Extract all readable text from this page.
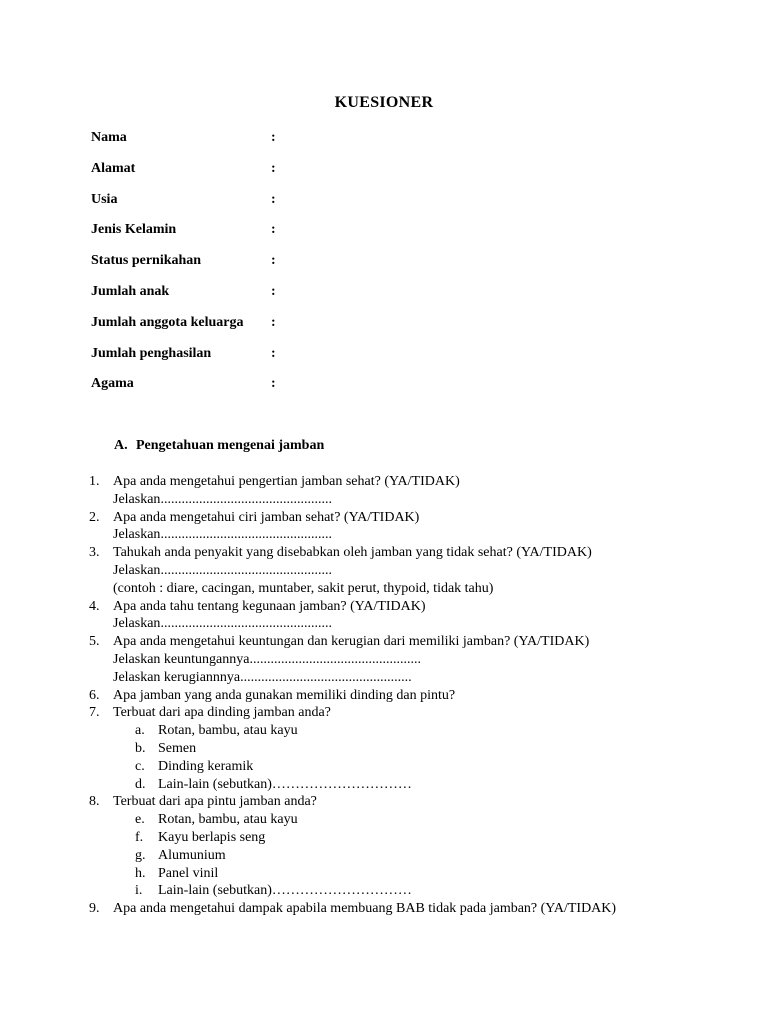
KUESIONER
Nama	:
Alamat	:
Usia	:
Jenis Kelamin	:
Status pernikahan	:
Jumlah anak	:
Jumlah anggota keluarga	:
Jumlah penghasilan	:
Agama	:
A. Pengetahuan mengenai jamban
1. Apa anda mengetahui pengertian jamban sehat? (YA/TIDAK)
Jelaskan.................................................
2. Apa anda mengetahui ciri jamban sehat? (YA/TIDAK)
Jelaskan.................................................
3. Tahukah anda penyakit yang disebabkan oleh jamban yang tidak sehat? (YA/TIDAK)
Jelaskan.................................................
(contoh : diare, cacingan, muntaber, sakit perut, thypoid, tidak tahu)
4. Apa anda tahu tentang kegunaan jamban? (YA/TIDAK)
Jelaskan.................................................
5. Apa anda mengetahui keuntungan dan kerugian dari memiliki jamban? (YA/TIDAK)
Jelaskan keuntungannya.................................................
Jelaskan kerugiannnya.................................................
6. Apa jamban yang anda gunakan memiliki dinding dan pintu?
7. Terbuat dari apa dinding jamban anda?
a. Rotan, bambu, atau kayu
b. Semen
c. Dinding keramik
d. Lain-lain (sebutkan)…………………………
8. Terbuat dari apa pintu jamban anda?
e. Rotan, bambu, atau kayu
f. Kayu berlapis seng
g. Alumunium
h. Panel vinil
i. Lain-lain (sebutkan)…………………………
9. Apa anda mengetahui dampak apabila membuang BAB tidak pada jamban? (YA/TIDAK)
